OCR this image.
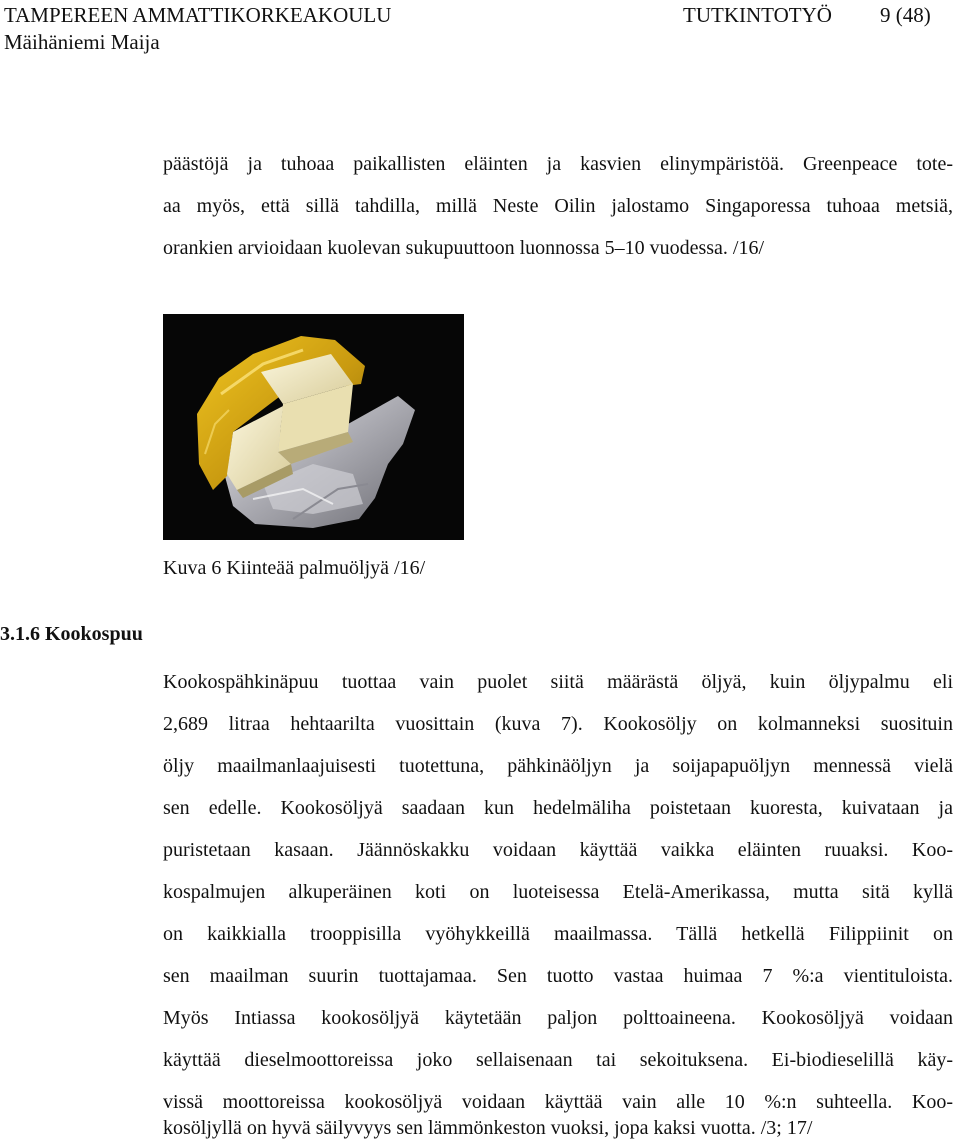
TAMPEREEN AMMATTIKORKEAKOULU	TUTKINTOTYÖ 9 (48)
Mäihäniemi Maija
päästöjä ja tuhoaa paikallisten eläinten ja kasvien elinympäristöä. Greenpeace tote-
aa myös, että sillä tahdilla, millä Neste Oilin jalostamo Singaporessa tuhoaa metsiä,
orankien arvioidaan kuolevan sukupuuttoon luonnossa 5–10 vuodessa. /16/
Kuva 6 Kiinteää palmuöljyä /16/
3.1.6 Kookospuu
Kookospähkinäpuu tuottaa vain puolet siitä määrästä öljyä, kuin öljypalmu eli
2,689 litraa hehtaarilta vuosittain (kuva 7). Kookosöljy on kolmanneksi suosituin
öljy maailmanlaajuisesti tuotettuna, pähkinäöljyn ja soijapapuöljyn mennessä vielä
sen edelle. Kookosöljyä saadaan kun hedelmäliha poistetaan kuoresta, kuivataan ja
puristetaan kasaan. Jäännöskakku voidaan käyttää vaikka eläinten ruuaksi. Koo-
kospalmujen alkuperäinen koti on luoteisessa Etelä-Amerikassa, mutta sitä kyllä
on kaikkialla trooppisilla vyöhykkeillä maailmassa. Tällä hetkellä Filippiinit on
sen maailman suurin tuottajamaa. Sen tuotto vastaa huimaa 7 %:a vientituloista.
Myös Intiassa kookosöljyä käytetään paljon polttoaineena. Kookosöljyä voidaan
käyttää dieselmoottoreissa joko sellaisenaan tai sekoituksena. Ei-biodieselillä käy-
vissä moottoreissa kookosöljyä voidaan käyttää vain alle 10 %:n suhteella. Koo-
kosöljyllä on hyvä säilyvyys sen lämmönkeston vuoksi, jopa kaksi vuotta. /3; 17/
